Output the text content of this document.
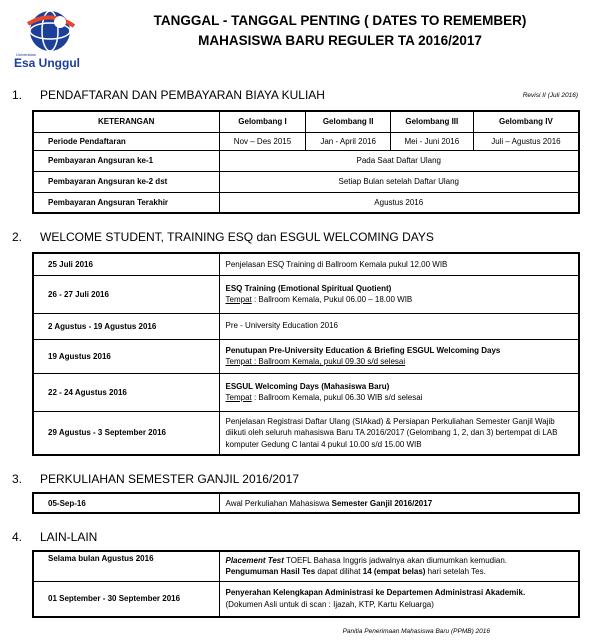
Universitas
Esa Unggul
TANGGAL - TANGGAL PENTING ( DATES TO REMEMBER)
MAHASISWA BARU REGULER TA 2016/2017
1. PENDAFTARAN DAN PEMBAYARAN BIAYA KULIAH	Revisi II (Juli 2016)
KETERANGAN	Gelombang I	Gelombang II	Gelombang III	Gelombang IV
Periode Pendaftaran	Nov – Des 2015	Jan - April 2016	Mei - Juni 2016	Juli – Agustus 2016
Pembayaran Angsuran ke-1	Pada Saat Daftar Ulang			
Pembayaran Angsuran ke-2 dst	Setiap Bulan setelah Daftar Ulang			
Pembayaran Angsuran Terakhir	Agustus 2016			
2. WELCOME STUDENT, TRAINING ESQ dan ESGUL WELCOMING DAYS
25 Juli 2016	Penjelasan ESQ Training di Ballroom Kemala pukul 12.00 WIB
26 - 27 Juli 2016	ESQ Training (Emotional Spiritual Quotient)
Tempat : Ballroom Kemala, Pukul 06.00 – 18.00 WIB

2 Agustus - 19 Agustus 2016	Pre - University Education 2016
19 Agustus 2016	Penutupan Pre-University Education & Briefing ESGUL Welcoming Days
Tempat : Ballroom Kemala, pukul 09.30 s/d selesai

22 - 24 Agustus 2016	ESGUL Welcoming Days (Mahasiswa Baru)
Tempat : Ballroom Kemala, pukul 06.30 WIB s/d selesai

29 Agustus - 3 September 2016	Penjelasan Registrasi Daftar Ulang (SIAkad) & Persiapan Perkuliahan Semester Ganjil Wajib diikuti oleh seluruh mahasiswa Baru TA 2016/2017 (Gelombang 1, 2, dan 3) bertempat di LAB komputer Gedung C lantai 4 pukul 10.00 s/d 15.00 WIB
3. PERKULIAHAN SEMESTER GANJIL 2016/2017
05-Sep-16	Awal Perkuliahan Mahasiswa Semester Ganjil 2016/2017
4. LAIN-LAIN
Selama bulan Agustus 2016	Placement Test TOEFL Bahasa Inggris jadwalnya akan diumumkan kemudian.
Pengumuman Hasil Tes dapat dilihat 14 (empat belas) hari setelah Tes.

01 September - 30 September 2016	Penyerahan Kelengkapan Administrasi ke Departemen Administrasi Akademik.
(Dokumen Asli untuk di scan : Ijazah, KTP, Kartu Keluarga)
Panitia Penerimaan Mahasiswa Baru (PPMB) 2016
